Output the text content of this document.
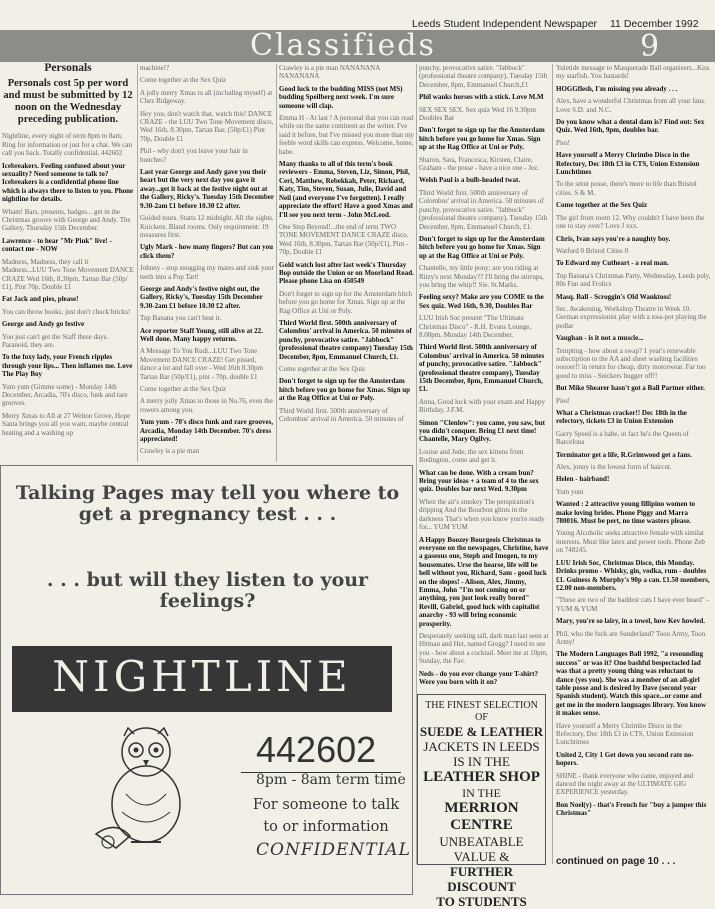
Leeds Student Independent Newspaper 11 December 1992
Classifieds	9
Personals
Personals cost 5p per word and must be submitted by 12 noon on the Wednesday preceding publication.

Nightline, every night of term 8pm to 8am. Ring for information or just for a chat. We can call you back. Totally confidential. 442602

Icebreakers. Feeling confused about your sexuality? Need someone to talk to? Icebreakers is a confidential phone line which is always there to listen to you. Phone nightline for details.

Wham! Bars, presents, badges... get in the Christmas groove with George and Andy. The Gallery, Thursday 15th December.

Lawrence - to hear "Mr Pink" live! - contact me - NOW

Madness, Madness, they call it Madness...LUU Two Tone Movement DANCE CRAZE Wed 16th, 8.30pm, Tartan Bar (50p/£1), Pint 70p, Double £1

Fat Jack and pies, please!

You can throw books; just don't chuck bricks!

George and Andy go festive

You just can't get the Staff these days. Paranoid, they are.

To the foxy lady, your French ripples through your lips... Then inflames me. Love The Play Boy

Yum yum (Gimme some) - Monday 14th December, Arcadia, 70's disco, funk and rare grooves.

Merry Xmas to All at 27 Welton Grove, Hope Santa brings you all you want, maybe central heating and a washing up

machine!?

Come together at the Sex Quiz

A jolly merry Xmas to all (including myself) at Chez Ridgeway.

Hey you, don't watch that, watch this! DANCE CRAZE - the LUU Two Tone Movement disco, Wed 16th, 8.30pm, Tartan Bar, (50p/£1) Pint 70p, Double £1

Phil - why don't you leave your hair in bunches?

Last year George and Andy gave you their heart but the very next day you gave it away...get it back at the festive night out at the Gallery, Ricky's. Tuesday 15th December 9.30-2am £1 before 10.30 £2 after.

Guided tours. Starts 12 midnight. All the sights. Knickers. Bland rooms. Only requirement: 19 measures first.

Ugly Mark - how many fingers? But can you click them?

Johnny - stop snogging my mates and sink your teeth into a Pop Tart!

George and Andy's festive night out, the Gallery, Ricky's, Tuesday 15th December 9.30-2am £1 before 10.30 £2 after.

Top Banana you can't beat it.

Ace reporter Staff Young, still alive at 22. Well done. Many happy returns.

A Message To You Rudi...LUU Two Tone Movement DANCE CRAZE! Get pissed, dance a lot and fall over - Wed 16th 8.30pm Tartan Bar (50p/£1), pint - 70p, double £1

Come together at the Sex Quiz

A merry jolly Xmas to those in No.76, even the rowers among you.

Yum yum - 70's disco funk and rare grooves, Arcadia, Monday 14th December. 70's dress appreciated!

Crawley is a pie man

Crawley is a pie man NANANANA NANANANA

Good luck to the budding MISS (not MS) budding Speilberg next week. I'm sure someone will clap.

Emma H - At last ! A personal that you can read while on the same continent as the writer. I've said it before, but I've missed you more than my feeble word skills can express. Welcome, home, babe.

Many thanks to all of this term's book reviewers - Emma, Steven, Liz, Simon, Phil, Ceri, Matthew, Rebekkah, Peter, Richard, Katy, Tim, Steven, Susan, Julie, David and Neil (and everyone I've forgotten). I really appreciate the effort! Have a good Xmas and I'll see you next term - John McLeod.

One Step Beyond!...the end of term TWO TONE MOVEMENT DANCE CRAZE disco. Wed 16th, 8.30pm, Tartan Bar (50p/£1), Pint - 70p, Double £1

Gold watch lost after last week's Thursday Bop outside the Union or on Moorland Road. Please phone Lisa on 450549

Don't forget to sign up for the Amsterdam hitch before you go home for Xmas. Sign up at the Rag Office at Uni or Poly.

Third World first. 500th anniversary of Colombus' arrival in America. 50 minutes of punchy, provocative satire. "Jabbock" (professional theatre company) Tuesday 15th December, 8pm, Emmanuel Church, £1.

Come together at the Sex Quiz

Don't forget to sign up for the Amsterdam hitch before you go home for Xmas. Sign up at the Rag Office at Uni or Poly.

Third World first. 500th anniversary of Colombus' arrival in America. 50 minutes of

punchy, provocative satire. "Jabbock" (professional theatre company), Tuesday 15th December, 8pm, Emmanuel Church,£1

Phil wanks horses with a stick. Love M.M

SEX SEX SEX. Sex quiz Wed 16 9.30pm Doubles Bar

Don't forget to sign up for the Amsterdam hitch before you go home for Xmas. Sign up at the Rag Office at Uni or Poly.

Sharon, Sara, Francesca, Kirsten, Claire, Graham - the posse - have a nice one - Jez.

Welsh Paul is a bulb-headed twat.

Third World first. 500th anniversary of Colombus' arrival in America. 50 minutes of punchy, provocative satire. "Jabbock" (professional theatre company), Tuesday 15th December, 8pm, Emmanuel Church, £1.

Don't forget to sign up for the Amsterdam hitch before you go home for Xmas. Sign up at the Rag Office at Uni or Poly.

Chantelle, my little pony; are you riding at Ritzy's next Monday?? I'll bring the stirrups, you bring the whip!! Sie. St.Marks.

Feeling sexy? Make are you COME to the Sex quiz. Wed 16th, 9.30, Doubles Bar

LUU Irish Soc present "The Ultimate Christmas Disco" - R.H. Evans Lounge, 8.00pm, Monday 14th December.

Third World first. 500th anniversary of Colombus' arrival in America. 50 minutes of punchy, provocative satire. "Jabbock" (professional theatre company), Tuesday 15th December, 8pm, Emmanuel Church, £1.

Anna, Good luck with your exam and Happy Birthday, J.F.M.

Simon "Clenlow": you came, you saw, but you didn't conquer. Bring £1 next time! Chantelle, Mary Ogilvy.

Louise and Jude, the sex kittens from Bodington, come and get it.

What can be done. With a cream bun? Bring your ideas + a team of 4 to the sex quiz. Doubles bar next Wed. 9.30pm

When the air's smokey The perspiration's dripping And the Bourbon glints in the darkness That's when you know you're ready for... YUM YUM

A Happy Boozey Bourgeois Christmas to everyone on the newspages, Christine, have a gaseous one, Steph and Imogen, to my housemates. Urse the hearse, life will be hell without you, Richard, Sam - good luck on the slopes! - Alison, Alex, Jimmy, Emma, John "I'm not coming on or anything, you just look really bored" Revill, Gabriel, good luck with capitalist anarchy - 93 will bring economic prosperity.

Desperately seeking tall, dark man last seen at Hitman and Her, named Gregg? I need to see you - how about a cocktail. Meet me at 10pm, Sunday, the Fav.

Neds - do you ever change your T-shirt? Were you born with it on?

Yuletide message to Masquerade Ball organisers...Kiss my starfish. You bastards!

HOGGflesh, I'm missing you already . . .

Alex, have a wonderful Christmas from all your fans. Love S.D. and N.C.

Do you know what a dental dam is? Find out: Sex Quiz. Wed 16th, 9pm, doubles bar.

Pies!

Have yourself a Merry Chrimbo Disco in the Refectory, Dec 18th £3 in CTS, Union Extension Lunchtimes

To the smut posse, there's more to life than Bristol cities. S & M.

Come together at the Sex Quiz

The girl from room 12. Why couldn't I have been the one to stay over? Love J xxx.

Chris, Ivan says you're a naughty boy.

Watford 0 Bristol Cities 0

To Edward my Cutheart - a real man.

Top Banana's Christmas Party, Wednesday, Leeds poly, 80s Fun and Frolics

Masq. Ball - Scroggin's Old Wanktoss!

Sec. Awakening, Workshop Theatre in Week 10. German expressionist play with a toss-pot playing the pedlar

Vaughan - is it not a muscle...

Tempting - how about a swap? 1 year's renewable subscription to the AA and sheet washing facilities ooooer!! in return for cheap, dirty motorwear. Far too good to miss - Snickers bugger off!!

But Mike Shearer hasn't got a Ball Partner either.

Pies!

What a Christmas cracker!! Dec 18th in the refectory, tickets £3 in Union Extension

Garry Speed is a babe, in fact he's the Queen of Barcelona

Terminator get a life, R.Grimwood get a fans.

Alex, jonny is the lowest form of haircut.

Helen - hairband!

Yum yum

Wanted : 2 attractive young fillipino women to make loving brides. Phone Piggy and Marra 780016. Must be pert, no time wasters please.

Young Alcoholic seeks attractive female with similar interests. Must like latex and power tools. Phone Zeb on 748245.

LUU Irish Soc, Christmas Disco, this Monday. Drinks promo - Whisky, gin, vodka, rum - doubles £1. Guiness & Murphy's 90p a can. £1.50 members, £2.00 non-members.

"These are two of the baddest cats I have ever heard" - YUM & YUM

Mary, you're so lairy, in a towel, how Kev howled.

Phil, who the fuck are Sunderland? Tooo Army, Toon Army!

The Modern Languages Ball 1992, "a resounding success" or was it? One bashful bespectacled lad was that a pretty young thing was reluctant to dance (yes you). She was a member of an all-girl table posse and is desired by Dave (second year Spanish student). Watch this space...or come and get me in the modern languages library. You know it makes sense.

Have yourself a Merry Chrimbo Disco in the Refectory, Dec 18th £3 in CTS, Union Extension Lunchtimes

United 2, City 1 Get down you second rate no-hopers.

SHINE - thank everyone who came, enjoyed and danced the night away at the ULTIMATE GIG EXPERIENCE yesterday.

Bon Noel(y) - that's French for "buy a jumper this Christmas"

continued on page 10 . . .
Talking Pages may tell you where to get a pregnancy test . . .
. . . but will they listen to your feelings?
NIGHTLINE
442602
8pm - 8am term time
For someone to talk to or information
CONFIDENTIAL
THE FINEST SELECTION
OF
SUEDE & LEATHER
JACKETS IN LEEDS
IS IN THE
LEATHER SHOP
IN THE
MERRION CENTRE
UNBEATABLE VALUE &
FURTHER DISCOUNT
TO STUDENTS
